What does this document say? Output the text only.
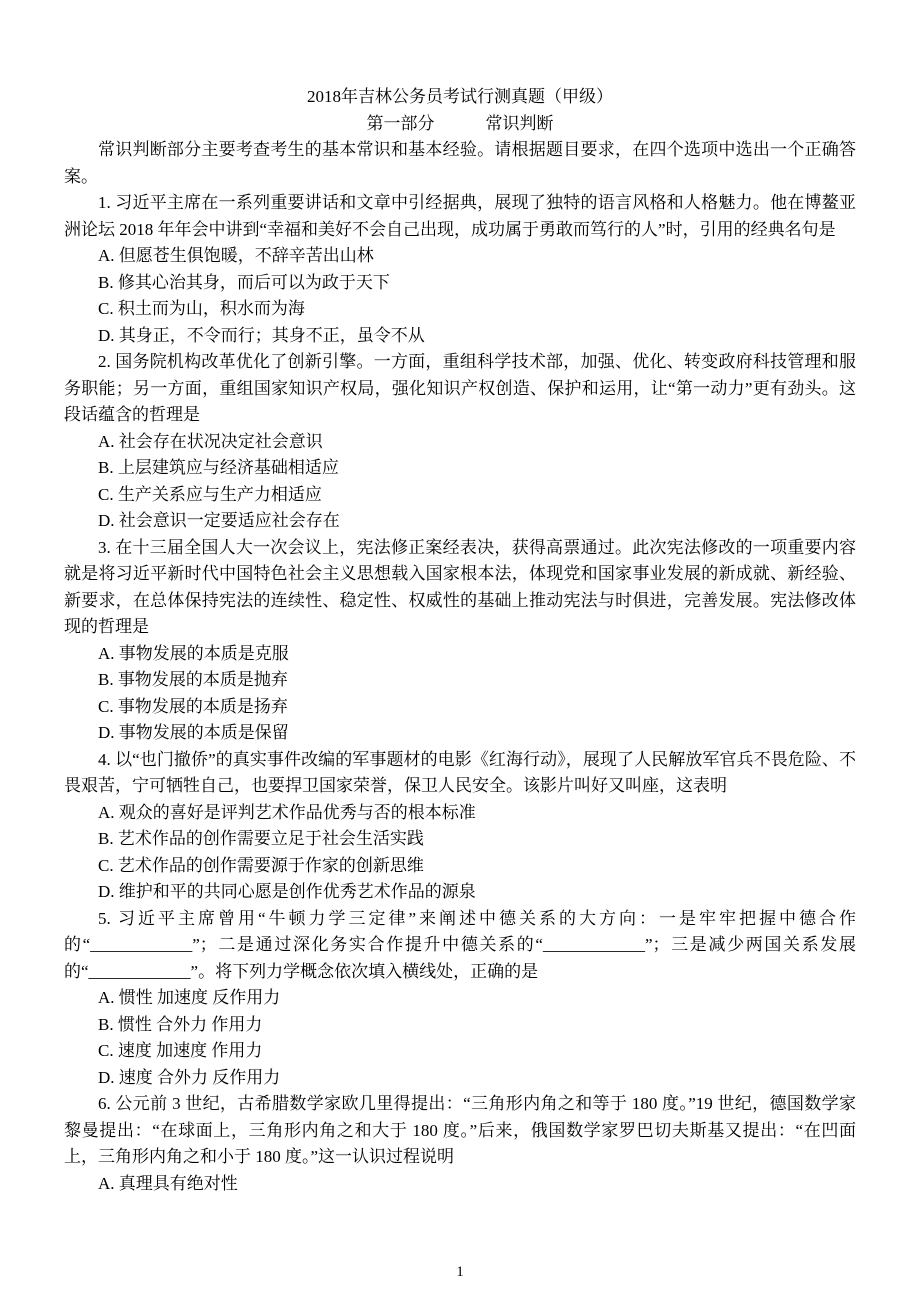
2018年吉林公务员考试行测真题（甲级）
第一部分	常识判断

常识判断部分主要考查考生的基本常识和基本经验。请根据题目要求，在四个选项中选出一个正确答案。

1. 习近平主席在一系列重要讲话和文章中引经据典，展现了独特的语言风格和人格魅力。他在博鳌亚洲论坛 2018 年年会中讲到“幸福和美好不会自己出现，成功属于勇敢而笃行的人”时，引用的经典名句是

A. 但愿苍生俱饱暖，不辞辛苦出山林

B. 修其心治其身，而后可以为政于天下

C. 积土而为山，积水而为海

D. 其身正，不令而行；其身不正，虽令不从

2. 国务院机构改革优化了创新引擎。一方面，重组科学技术部，加强、优化、转变政府科技管理和服务职能；另一方面，重组国家知识产权局，强化知识产权创造、保护和运用，让“第一动力”更有劲头。这段话蕴含的哲理是

A. 社会存在状况决定社会意识

B. 上层建筑应与经济基础相适应

C. 生产关系应与生产力相适应

D. 社会意识一定要适应社会存在

3. 在十三届全国人大一次会议上，宪法修正案经表决，获得高票通过。此次宪法修改的一项重要内容就是将习近平新时代中国特色社会主义思想载入国家根本法，体现党和国家事业发展的新成就、新经验、新要求，在总体保持宪法的连续性、稳定性、权威性的基础上推动宪法与时俱进，完善发展。宪法修改体现的哲理是

A. 事物发展的本质是克服

B. 事物发展的本质是抛弃

C. 事物发展的本质是扬弃

D. 事物发展的本质是保留

4. 以“也门撤侨”的真实事件改编的军事题材的电影《红海行动》，展现了人民解放军官兵不畏危险、不畏艰苦，宁可牺牲自己，也要捍卫国家荣誉，保卫人民安全。该影片叫好又叫座，这表明

A. 观众的喜好是评判艺术作品优秀与否的根本标准

B. 艺术作品的创作需要立足于社会生活实践

C. 艺术作品的创作需要源于作家的创新思维

D. 维护和平的共同心愿是创作优秀艺术作品的源泉

5. 习近平主席曾用“牛顿力学三定律”来阐述中德关系的大方向：一是牢牢把握中德合作的“____________”；二是通过深化务实合作提升中德关系的“____________”；三是减少两国关系发展的“____________”。将下列力学概念依次填入横线处，正确的是

A. 惯性 加速度 反作用力

B. 惯性 合外力 作用力

C. 速度 加速度 作用力

D. 速度 合外力 反作用力

6. 公元前 3 世纪，古希腊数学家欧几里得提出：“三角形内角之和等于 180 度。”19 世纪，德国数学家黎曼提出：“在球面上，三角形内角之和大于 180 度。”后来，俄国数学家罗巴切夫斯基又提出：“在凹面上，三角形内角之和小于 180 度。”这一认识过程说明

A. 真理具有绝对性

1
